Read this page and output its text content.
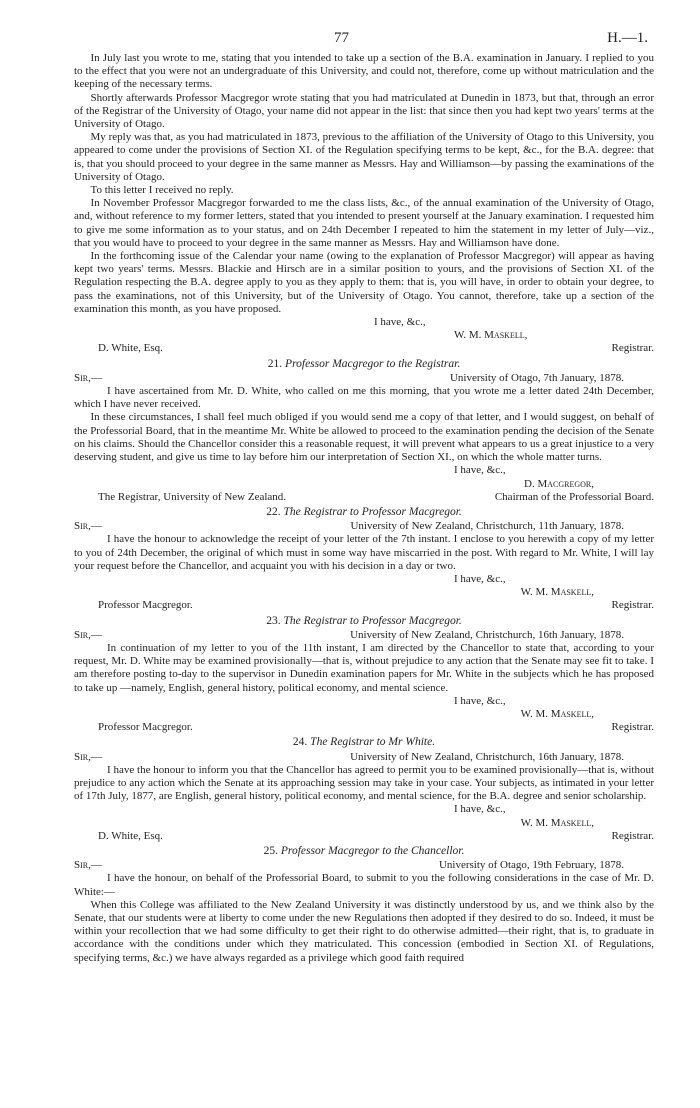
77	H.—1.

In July last you wrote to me, stating that you intended to take up a section of the B.A. examination in January. I replied to you to the effect that you were not an undergraduate of this University, and could not, therefore, come up without matriculation and the keeping of the necessary terms.

Shortly afterwards Professor Macgregor wrote stating that you had matriculated at Dunedin in 1873, but that, through an error of the Registrar of the University of Otago, your name did not appear in the list: that since then you had kept two years' terms at the University of Otago.

My reply was that, as you had matriculated in 1873, previous to the affiliation of the University of Otago to this University, you appeared to come under the provisions of Section XI. of the Regulation specifying terms to be kept, &c., for the B.A. degree: that is, that you should proceed to your degree in the same manner as Messrs. Hay and Williamson—by passing the examinations of the University of Otago.

To this letter I received no reply.

In November Professor Macgregor forwarded to me the class lists, &c., of the annual examination of the University of Otago, and, without reference to my former letters, stated that you intended to present yourself at the January examination. I requested him to give me some information as to your status, and on 24th December I repeated to him the statement in my letter of July—viz., that you would have to proceed to your degree in the same manner as Messrs. Hay and Williamson have done.

In the forthcoming issue of the Calendar your name (owing to the explanation of Professor Macgregor) will appear as having kept two years' terms. Messrs. Blackie and Hirsch are in a similar position to yours, and the provisions of Section XI. of the Regulation respecting the B.A. degree apply to you as they apply to them: that is, you will have, in order to obtain your degree, to pass the examinations, not of this University, but of the University of Otago. You cannot, therefore, take up a section of the examination this month, as you have proposed.

I have, &c.,
W. M. Maskell,
D. White, Esq.	Registrar.
21. Professor Macgregor to the Registrar.
Sir,—	University of Otago, 7th January, 1878.

I have ascertained from Mr. D. White, who called on me this morning, that you wrote me a letter dated 24th December, which I have never received.

In these circumstances, I shall feel much obliged if you would send me a copy of that letter, and I would suggest, on behalf of the Professorial Board, that in the meantime Mr. White be allowed to proceed to the examination pending the decision of the Senate on his claims. Should the Chancellor consider this a reasonable request, it will prevent what appears to us a great injustice to a very deserving student, and give us time to lay before him our interpretation of Section XI., on which the whole matter turns.

I have, &c.,
D. Macgregor,
The Registrar, University of New Zealand.	Chairman of the Professorial Board.
22. The Registrar to Professor Macgregor.
Sir,—	University of New Zealand, Christchurch, 11th January, 1878.

I have the honour to acknowledge the receipt of your letter of the 7th instant. I enclose to you herewith a copy of my letter to you of 24th December, the original of which must in some way have miscarried in the post. With regard to Mr. White, I will lay your request before the Chancellor, and acquaint you with his decision in a day or two.

I have, &c.,
W. M. Maskell,
Professor Macgregor.	Registrar.
23. The Registrar to Professor Macgregor.
Sir,—	University of New Zealand, Christchurch, 16th January, 1878.

In continuation of my letter to you of the 11th instant, I am directed by the Chancellor to state that, according to your request, Mr. D. White may be examined provisionally—that is, without prejudice to any action that the Senate may see fit to take. I am therefore posting to-day to the supervisor in Dunedin examination papers for Mr. White in the subjects which he has proposed to take up —namely, English, general history, political economy, and mental science.

I have, &c.,
W. M. Maskell,
Professor Macgregor.	Registrar.
24. The Registrar to Mr White.
Sir,—	University of New Zealand, Christchurch, 16th January, 1878.

I have the honour to inform you that the Chancellor has agreed to permit you to be examined provisionally—that is, without prejudice to any action which the Senate at its approaching session may take in your case. Your subjects, as intimated in your letter of 17th July, 1877, are English, general history, political economy, and mental science, for the B.A. degree and senior scholarship.

I have, &c.,
W. M. Maskell,
D. White, Esq.	Registrar.
25. Professor Macgregor to the Chancellor.
Sir,—	University of Otago, 19th February, 1878.

I have the honour, on behalf of the Professorial Board, to submit to you the following considerations in the case of Mr. D. White:—

When this College was affiliated to the New Zealand University it was distinctly understood by us, and we think also by the Senate, that our students were at liberty to come under the new Regulations then adopted if they desired to do so. Indeed, it must be within your recollection that we had some difficulty to get their right to do otherwise admitted—their right, that is, to graduate in accordance with the conditions under which they matriculated. This concession (embodied in Section XI. of Regulations, specifying terms, &c.) we have always regarded as a privilege which good faith required
